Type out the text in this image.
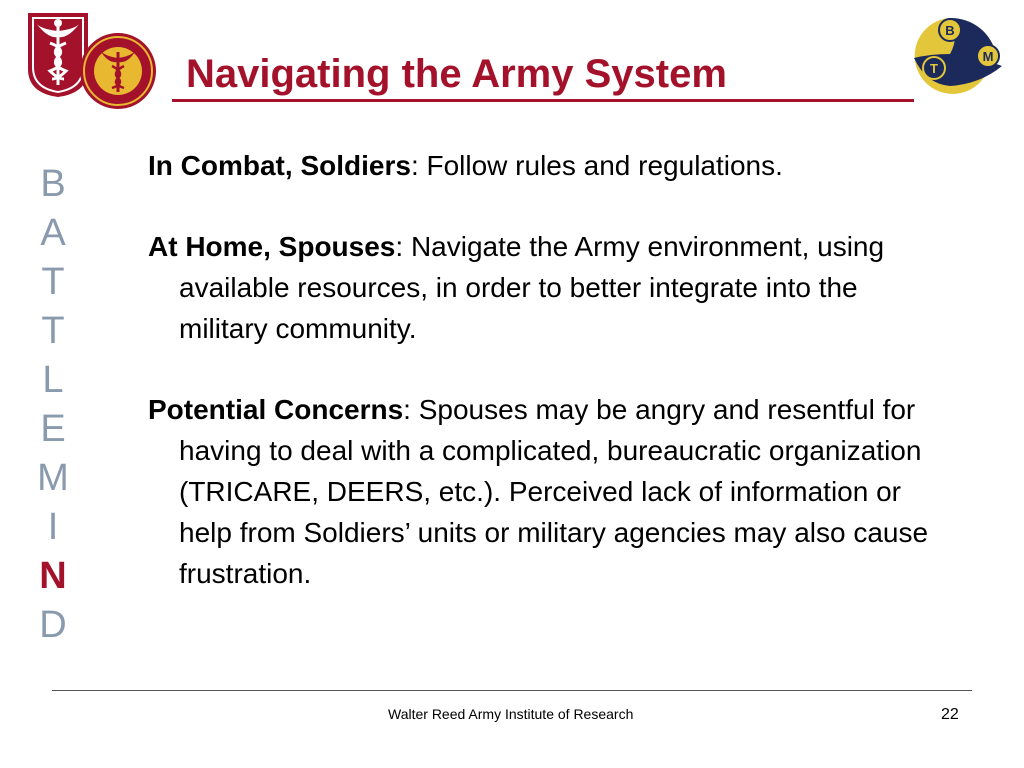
B
T
M
Navigating the Army System
B
A
T
T
L
E
M
I
N
D

In Combat, Soldiers: Follow rules and regulations.

At Home, Spouses: Navigate the Army environment, using available resources, in order to better integrate into the military community.

Potential Concerns: Spouses may be angry and resentful for having to deal with a complicated, bureaucratic organization (TRICARE, DEERS, etc.). Perceived lack of information or help from Soldiers’ units or military agencies may also cause frustration.

Walter Reed Army Institute of Research	22
